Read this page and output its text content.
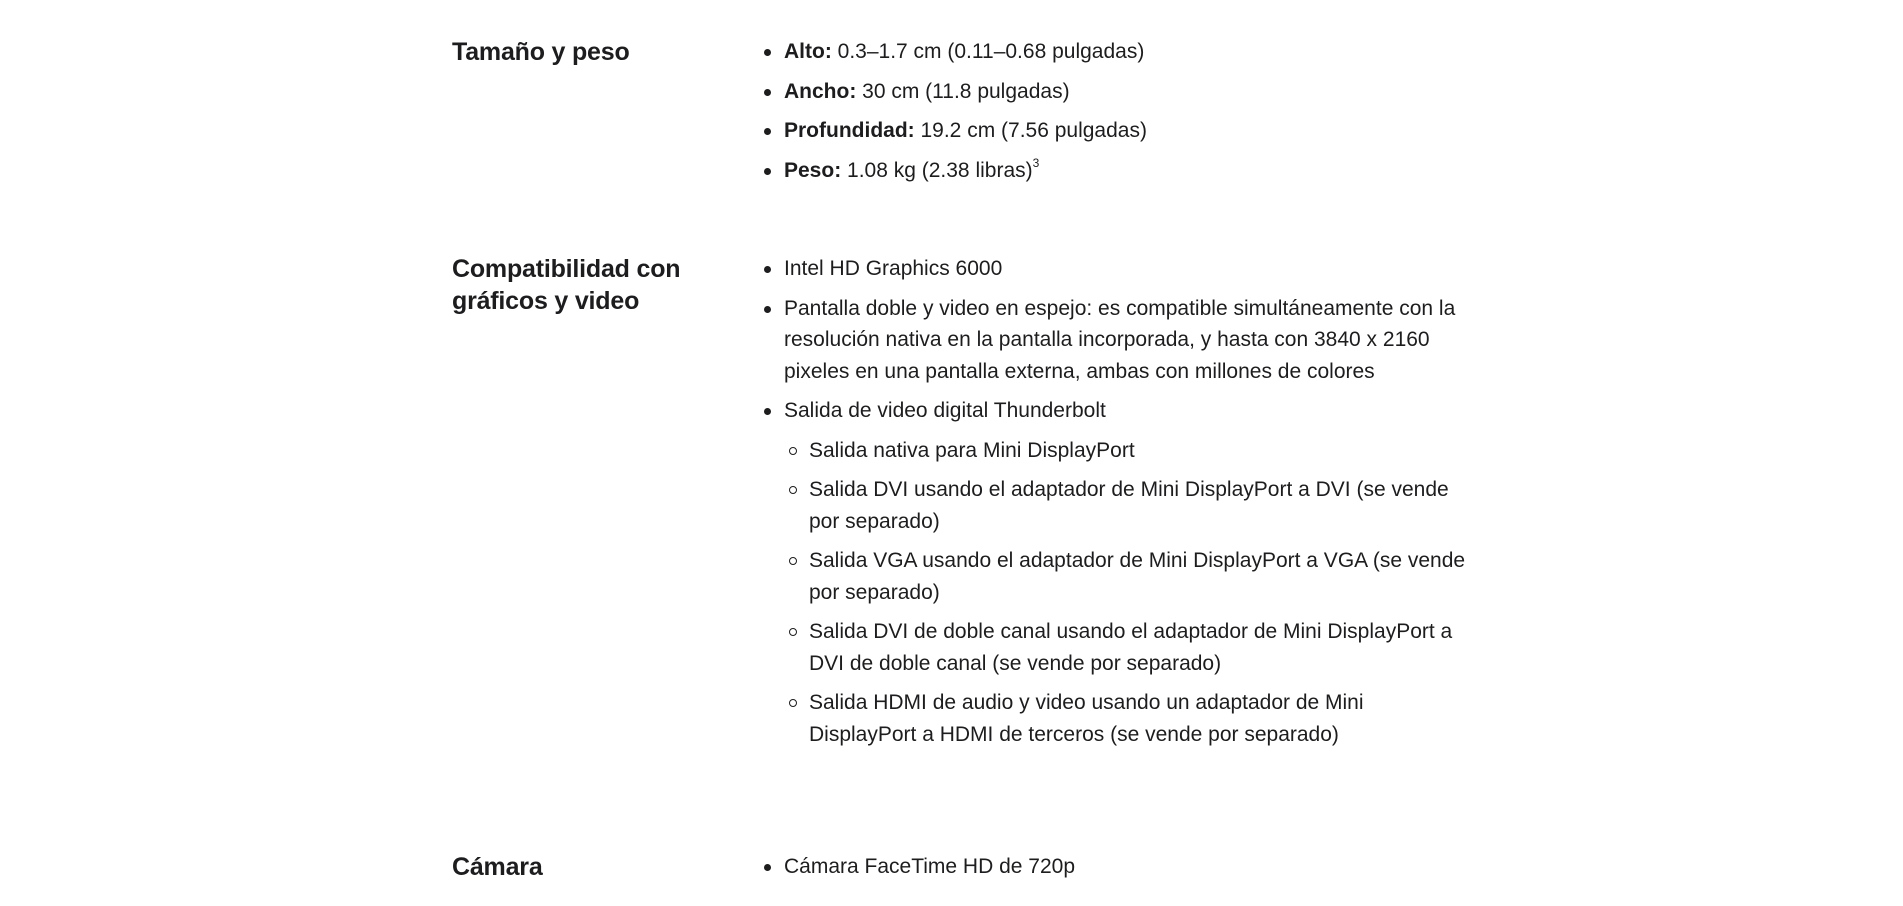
Tamaño y peso	Alto: 0.3–1.7 cm (0.11–0.68 pulgadas)
Ancho: 30 cm (11.8 pulgadas)
Profundidad: 19.2 cm (7.56 pulgadas)
Peso: 1.08 kg (2.38 libras)$^3$
Compatibilidad con gráficos y video
Intel HD Graphics 6000
Pantalla doble y video en espejo: es compatible simultáneamente con la resolución nativa en la pantalla incorporada, y hasta con 3840 x 2160 pixeles en una pantalla externa, ambas con millones de colores
Salida de video digital Thunderbolt
Salida nativa para Mini DisplayPort
Salida DVI usando el adaptador de Mini DisplayPort a DVI (se vende por separado)
Salida VGA usando el adaptador de Mini DisplayPort a VGA (se vende por separado)
Salida DVI de doble canal usando el adaptador de Mini DisplayPort a DVI de doble canal (se vende por separado)
Salida HDMI de audio y video usando un adaptador de Mini DisplayPort a HDMI de terceros (se vende por separado)
Cámara	Cámara FaceTime HD de 720p
